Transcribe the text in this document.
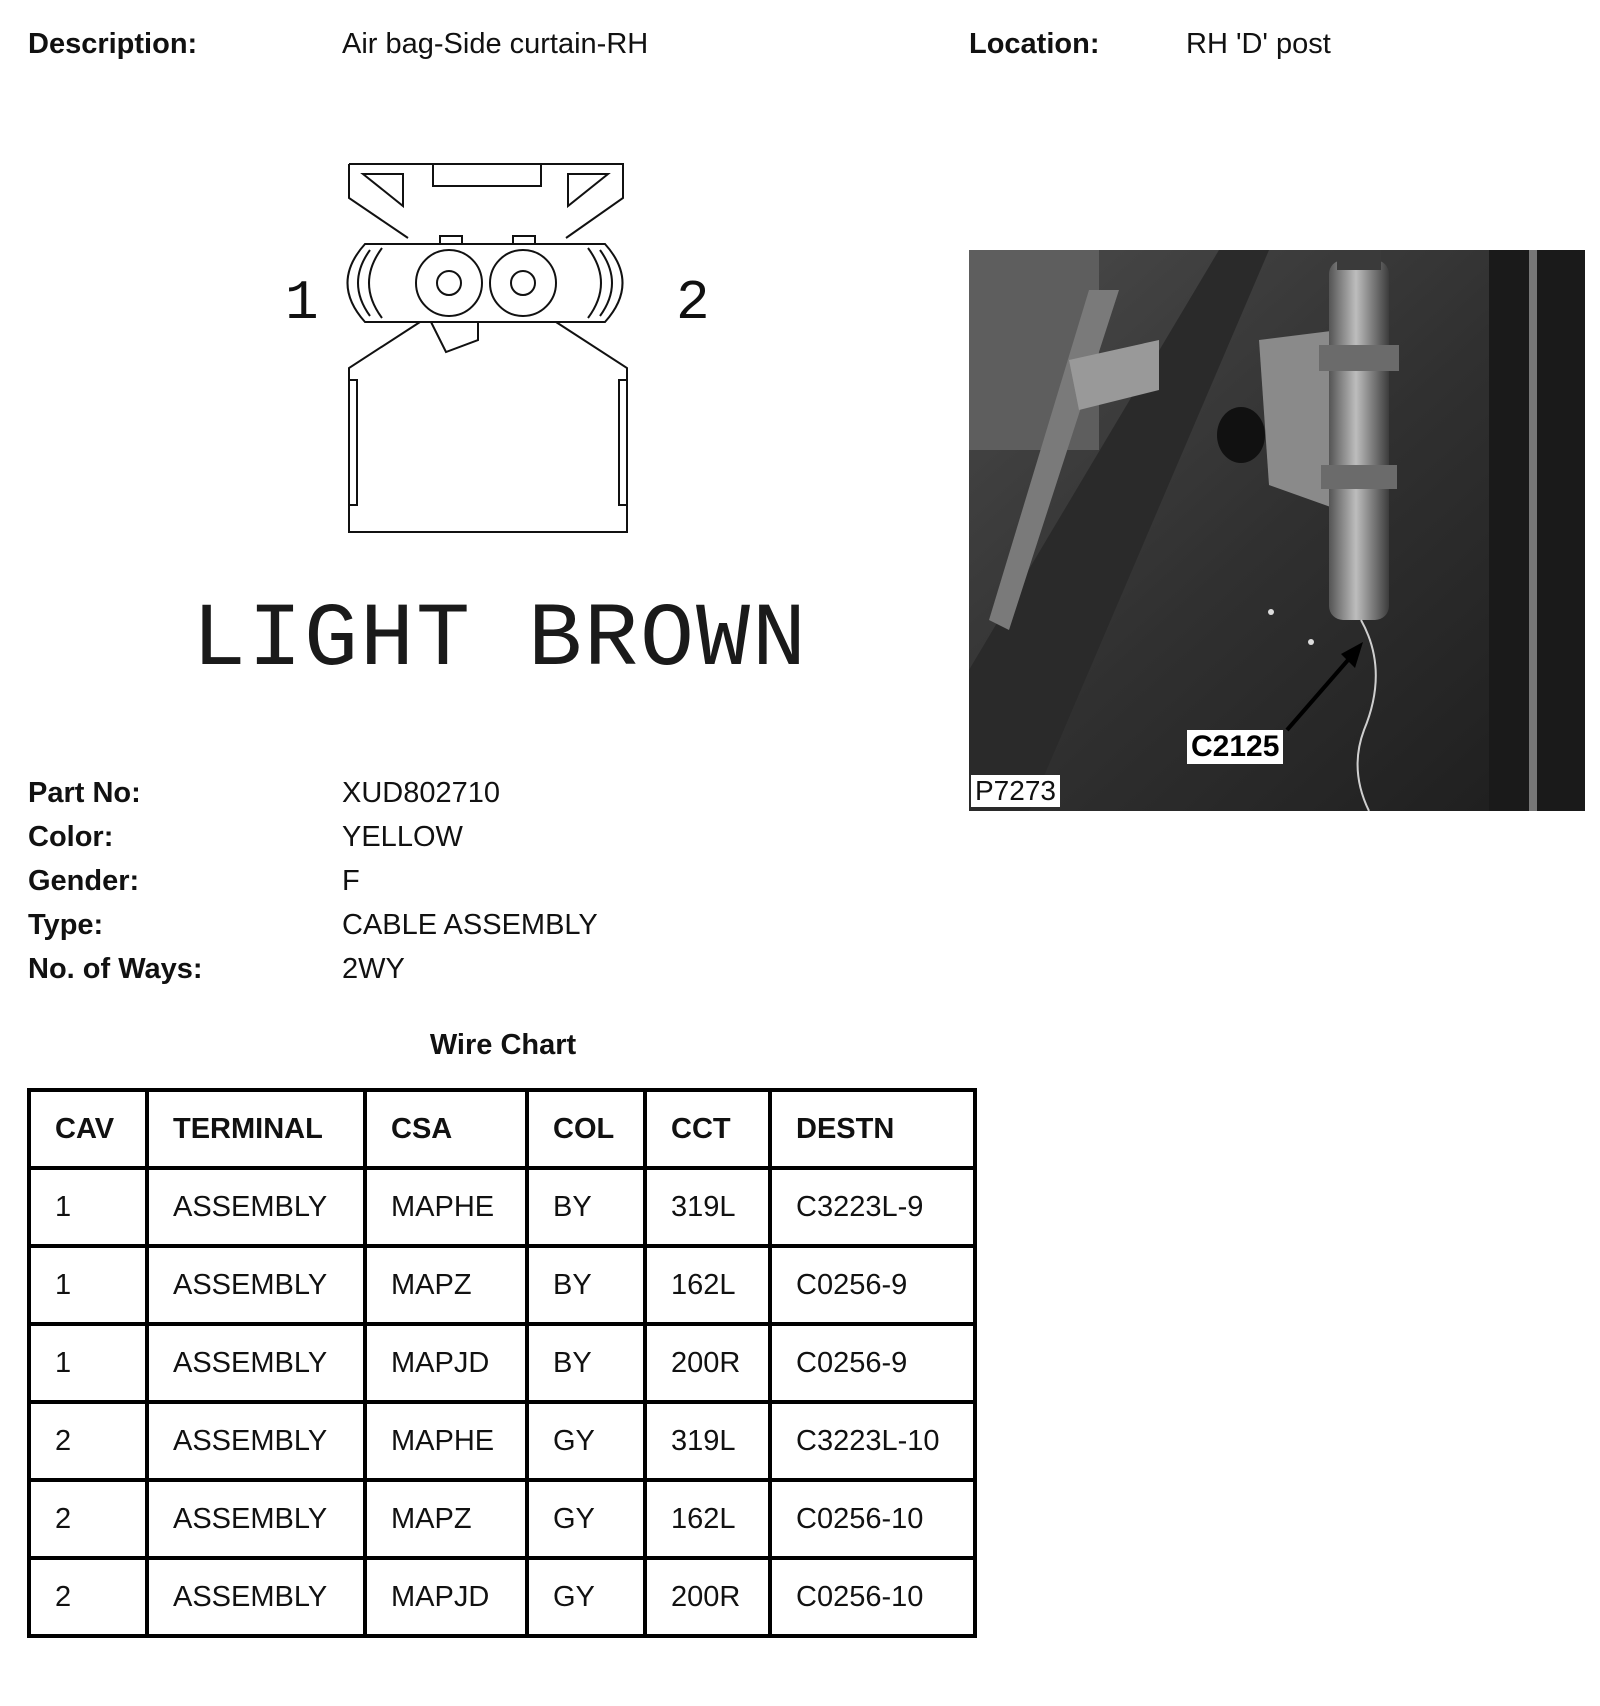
Description:	Air bag-Side curtain-RH	Location:	RH 'D' post
1	2
LIGHT BROWN
C2125
P7273
Part No:	XUD802710
Color:	YELLOW
Gender:	F
Type:	CABLE ASSEMBLY
No. of Ways:	2WY
Wire Chart
CAV	TERMINAL	CSA	COL	CCT	DESTN
1	ASSEMBLY	MAPHE	BY	319L	C3223L-9
1	ASSEMBLY	MAPZ	BY	162L	C0256-9
1	ASSEMBLY	MAPJD	BY	200R	C0256-9
2	ASSEMBLY	MAPHE	GY	319L	C3223L-10
2	ASSEMBLY	MAPZ	GY	162L	C0256-10
2	ASSEMBLY	MAPJD	GY	200R	C0256-10
